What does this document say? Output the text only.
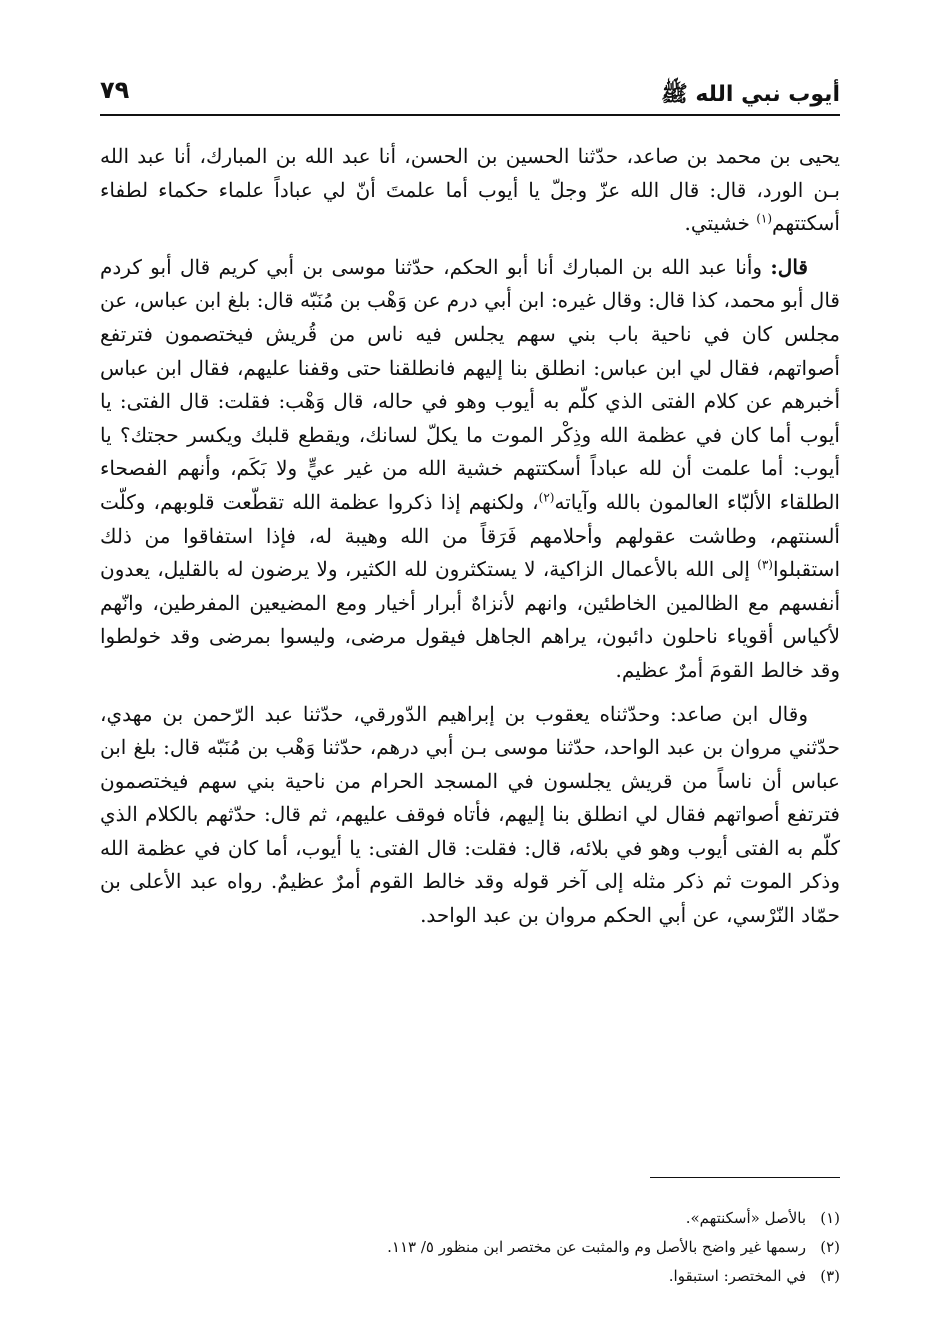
أيوب نبي الله ﷺ
٧٩

يحيى بن محمد بن صاعد، حدّثنا الحسين بن الحسن، أنا عبد الله بن المبارك، أنا عبد الله بـن الورد، قال: قال الله عزّ وجلّ يا أيوب أما علمتَ أنّ لي عباداً علماء حكماء لطفاء أسكتتهم$^{(١)}$ خشيتي.

قال: وأنا عبد الله بن المبارك أنا أبو الحكم، حدّثنا موسى بن أبي كريم قال أبو كردم قال أبو محمد، كذا قال: وقال غيره: ابن أبي درم عن وَهْب بن مُنَبّه قال: بلغ ابن عباس، عن مجلس كان في ناحية باب بني سهم يجلس فيه ناس من قُريش فيختصمون فترتفع أصواتهم، فقال لي ابن عباس: انطلق بنا إليهم فانطلقنا حتى وقفنا عليهم، فقال ابن عباس أخبرهم عن كلام الفتى الذي كلّم به أيوب وهو في حاله، قال وَهْب: فقلت: قال الفتى: يا أيوب أما كان في عظمة الله وذِكْر الموت ما يكلّ لسانك، ويقطع قلبك ويكسر حجتك؟ يا أيوب: أما علمت أن لله عباداً أسكتتهم خشية الله من غير عيٍّ ولا بَكَم، وأنهم الفصحاء الطلقاء الألبّاء العالمون بالله وآياته$^{(٢)}$، ولكنهم إذا ذكروا عظمة الله تقطّعت قلوبهم، وكلّت ألسنتهم، وطاشت عقولهم وأحلامهم فَرَقاً من الله وهيبة له، فإذا استفاقوا من ذلك استقبلوا$^{(٣)}$ إلى الله بالأعمال الزاكية، لا يستكثرون لله الكثير، ولا يرضون له بالقليل، يعدون أنفسهم مع الظالمين الخاطئين، وانهم لأنزاهٌ أبرار أخيار ومع المضيعين المفرطين، وانّهم لأكياس أقوياء ناحلون دائبون، يراهم الجاهل فيقول مرضى، وليسوا بمرضى وقد خولطوا وقد خالط القومَ أمرٌ عظيم.

وقال ابن صاعد: وحدّثناه يعقوب بن إبراهيم الدّورقي، حدّثنا عبد الرّحمن بن مهدي، حدّثني مروان بن عبد الواحد، حدّثنا موسى بـن أبي درهم، حدّثنا وَهْب بن مُنَبّه قال: بلغ ابن عباس أن ناساً من قريش يجلسون في المسجد الحرام من ناحية بني سهم فيختصمون فترتفع أصواتهم فقال لي انطلق بنا إليهم، فأتاه فوقف عليهم، ثم قال: حدّثهم بالكلام الذي كلّم به الفتى أيوب وهو في بلائه، قال: فقلت: قال الفتى: يا أيوب، أما كان في عظمة الله وذكر الموت ثم ذكر مثله إلى آخر قوله وقد خالط القوم أمرٌ عظيمٌ. رواه عبد الأعلى بن حمّاد النّرْسي، عن أبي الحكم مروان بن عبد الواحد.

(١)بالأصل «أسكنتهم».

(٢)رسمها غير واضح بالأصل وم والمثبت عن مختصر ابن منظور ٥/ ١١٣.

(٣)في المختصر: استبقوا.
